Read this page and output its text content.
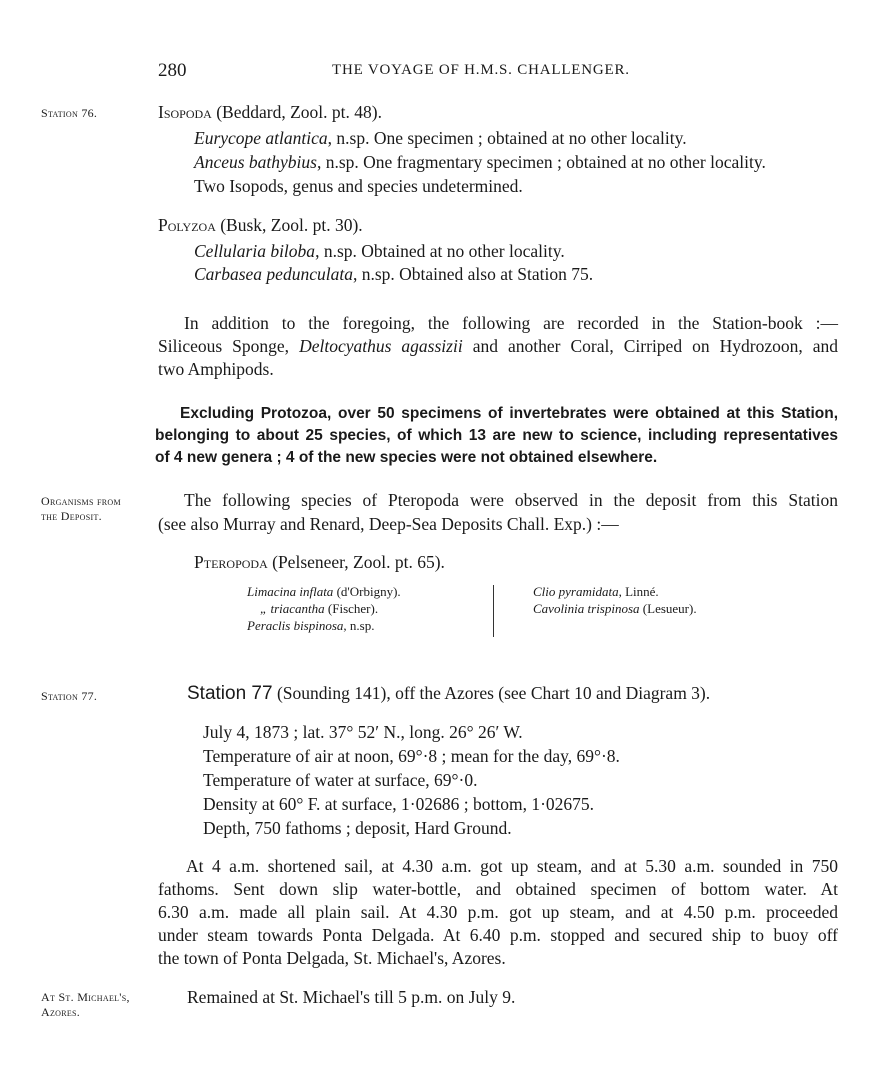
280	THE VOYAGE OF H.M.S. CHALLENGER.
Station 76.	Isopoda (Beddard, Zool. pt. 48).
Eurycope atlantica, n.sp. One specimen ; obtained at no other locality.
Anceus bathybius, n.sp. One fragmentary specimen ; obtained at no other locality.
Two Isopods, genus and species undetermined.
Polyzoa (Busk, Zool. pt. 30).
Cellularia biloba, n.sp. Obtained at no other locality.
Carbasea pedunculata, n.sp. Obtained also at Station 75.
In addition to the foregoing, the following are recorded in the Station-book :—
Siliceous Sponge, Deltocyathus agassizii and another Coral, Cirriped on Hydrozoon, and
two Amphipods.
Excluding Protozoa, over 50 specimens of invertebrates were obtained at this Station,
belonging to about 25 species, of which 13 are new to science, including representatives
of 4 new genera ; 4 of the new species were not obtained elsewhere.
Organisms from
the Deposit.
The following species of Pteropoda were observed in the deposit from this Station
(see also Murray and Renard, Deep-Sea Deposits Chall. Exp.) :—
Pteropoda (Pelseneer, Zool. pt. 65).
Limacina inflata (d'Orbigny).
„ triacantha (Fischer).
Peraclis bispinosa, n.sp.
Clio pyramidata, Linné.
Cavolinia trispinosa (Lesueur).
Station 77.	Station 77 (Sounding 141), off the Azores (see Chart 10 and Diagram 3).
July 4, 1873 ; lat. 37° 52′ N., long. 26° 26′ W.
Temperature of air at noon, 69°·8 ; mean for the day, 69°·8.
Temperature of water at surface, 69°·0.
Density at 60° F. at surface, 1·02686 ; bottom, 1·02675.
Depth, 750 fathoms ; deposit, Hard Ground.
At 4 a.m. shortened sail, at 4.30 a.m. got up steam, and at 5.30 a.m. sounded in 750
fathoms. Sent down slip water-bottle, and obtained specimen of bottom water. At
6.30 a.m. made all plain sail. At 4.30 p.m. got up steam, and at 4.50 p.m. proceeded
under steam towards Ponta Delgada. At 6.40 p.m. stopped and secured ship to buoy off
the town of Ponta Delgada, St. Michael's, Azores.
At St. Michael's,
Azores.
Remained at St. Michael's till 5 p.m. on July 9.
